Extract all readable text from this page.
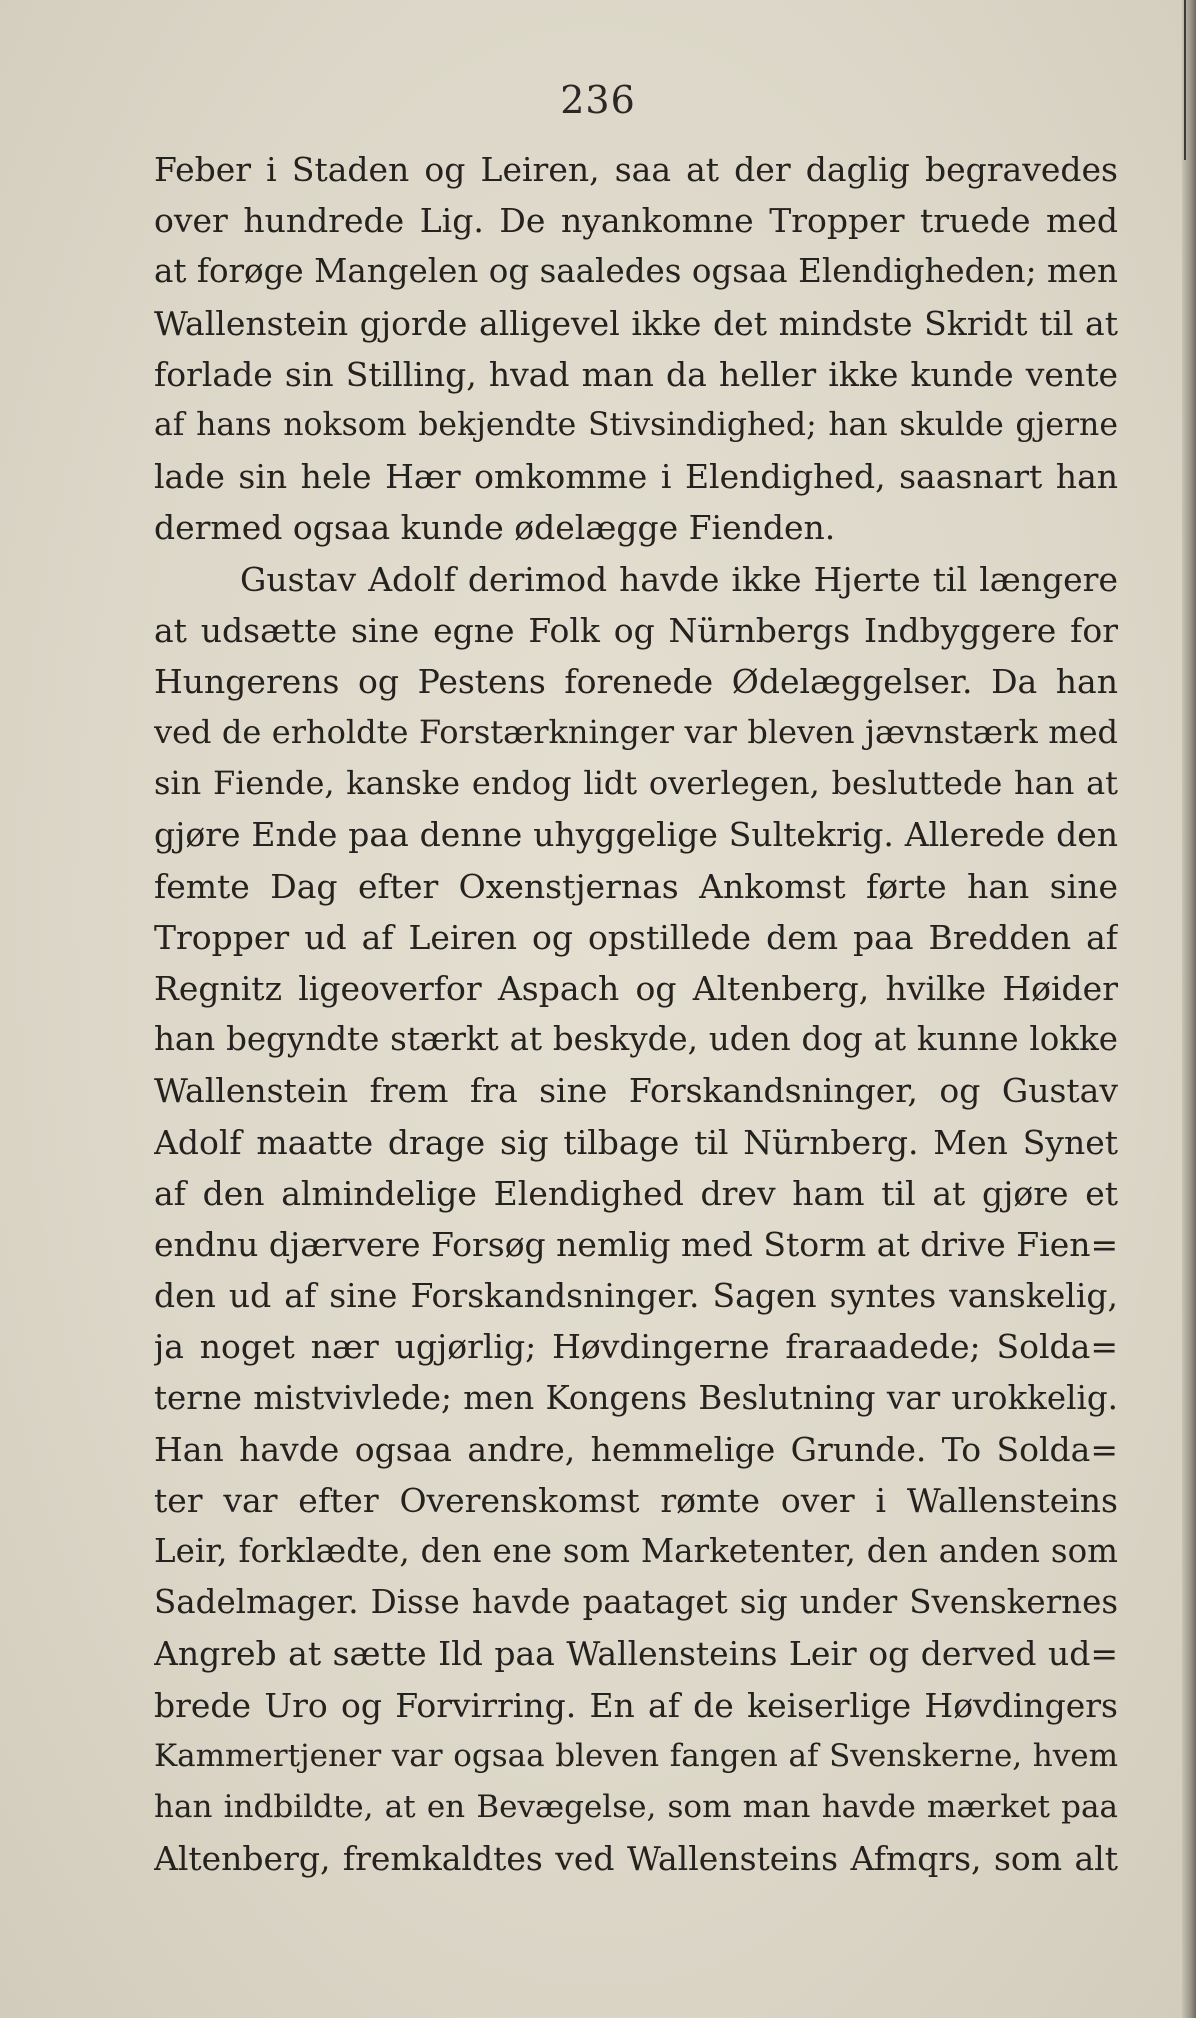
236
Feber i Staden og Leiren, saa at der daglig begravedes
over hundrede Lig. De nyankomne Tropper truede med
at forøge Mangelen og saaledes ogsaa Elendigheden; men
Wallenstein gjorde alligevel ikke det mindste Skridt til at
forlade sin Stilling, hvad man da heller ikke kunde vente
af hans noksom bekjendte Stivsindighed; han skulde gjerne
lade sin hele Hær omkomme i Elendighed, saasnart han
dermed ogsaa kunde ødelægge Fienden.
Gustav Adolf derimod havde ikke Hjerte til længere
at udsætte sine egne Folk og Nürnbergs Indbyggere for
Hungerens og Pestens forenede Ødelæggelser. Da han
ved de erholdte Forstærkninger var bleven jævnstærk med
sin Fiende, kanske endog lidt overlegen, besluttede han at
gjøre Ende paa denne uhyggelige Sultekrig. Allerede den
femte Dag efter Oxenstjernas Ankomst førte han sine
Tropper ud af Leiren og opstillede dem paa Bredden af
Regnitz ligeoverfor Aspach og Altenberg, hvilke Høider
han begyndte stærkt at beskyde, uden dog at kunne lokke
Wallenstein frem fra sine Forskandsninger, og Gustav
Adolf maatte drage sig tilbage til Nürnberg. Men Synet
af den almindelige Elendighed drev ham til at gjøre et
endnu djærvere Forsøg nemlig med Storm at drive Fien=
den ud af sine Forskandsninger. Sagen syntes vanskelig,
ja noget nær ugjørlig; Høvdingerne fraraadede; Solda=
terne mistvivlede; men Kongens Beslutning var urokkelig.
Han havde ogsaa andre, hemmelige Grunde. To Solda=
ter var efter Overenskomst rømte over i Wallensteins
Leir, forklædte, den ene som Marketenter, den anden som
Sadelmager. Disse havde paataget sig under Svenskernes
Angreb at sætte Ild paa Wallensteins Leir og derved ud=
brede Uro og Forvirring. En af de keiserlige Høvdingers
Kammertjener var ogsaa bleven fangen af Svenskerne, hvem
han indbildte, at en Bevægelse, som man havde mærket paa
Altenberg, fremkaldtes ved Wallensteins Afmqrs, som alt
